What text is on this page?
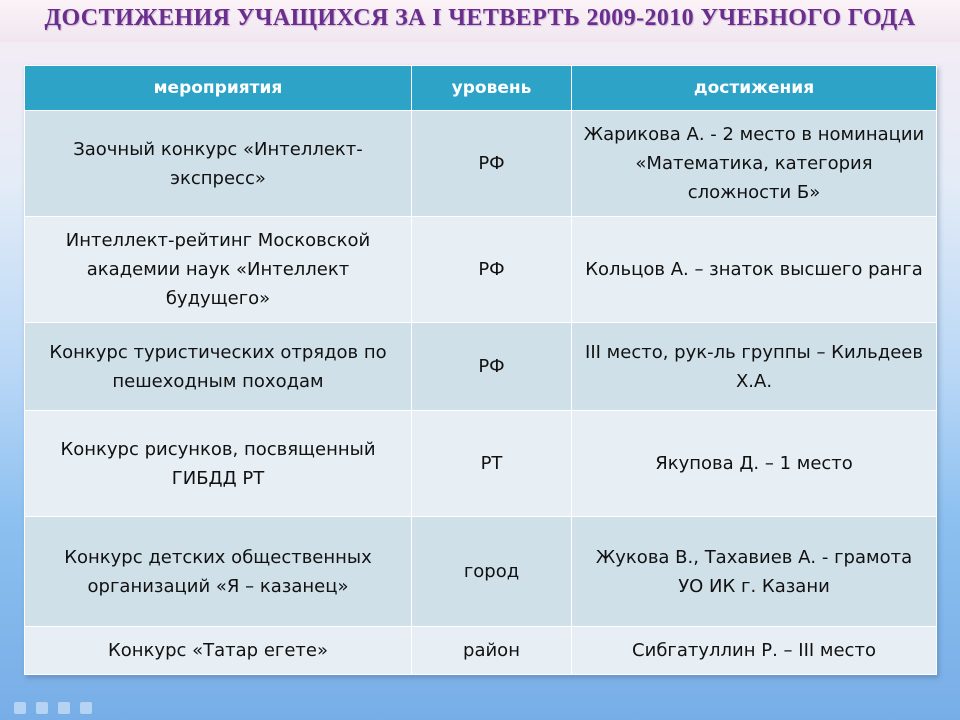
ДОСТИЖЕНИЯ УЧАЩИХСЯ ЗА I ЧЕТВЕРТЬ 2009-2010 УЧЕБНОГО ГОДА
мероприятия	уровень	достижения
Заочный конкурс «Интеллект-экспресс»	РФ	Жарикова А. - 2 место в номинации «Математика, категория сложности Б»
Интеллект-рейтинг Московской академии наук «Интеллект будущего»	РФ	Кольцов А. – знаток высшего ранга
Конкурс туристических отрядов по пешеходным походам	РФ	III место, рук-ль группы – Кильдеев Х.А.
Конкурс рисунков, посвященный ГИБДД РТ	РТ	Якупова Д. – 1 место
Конкурс детских общественных организаций «Я – казанец»	город	Жукова В., Тахавиев А. - грамота УО ИК г. Казани
Конкурс «Татар егете»	район	Сибгатуллин Р. – III место
